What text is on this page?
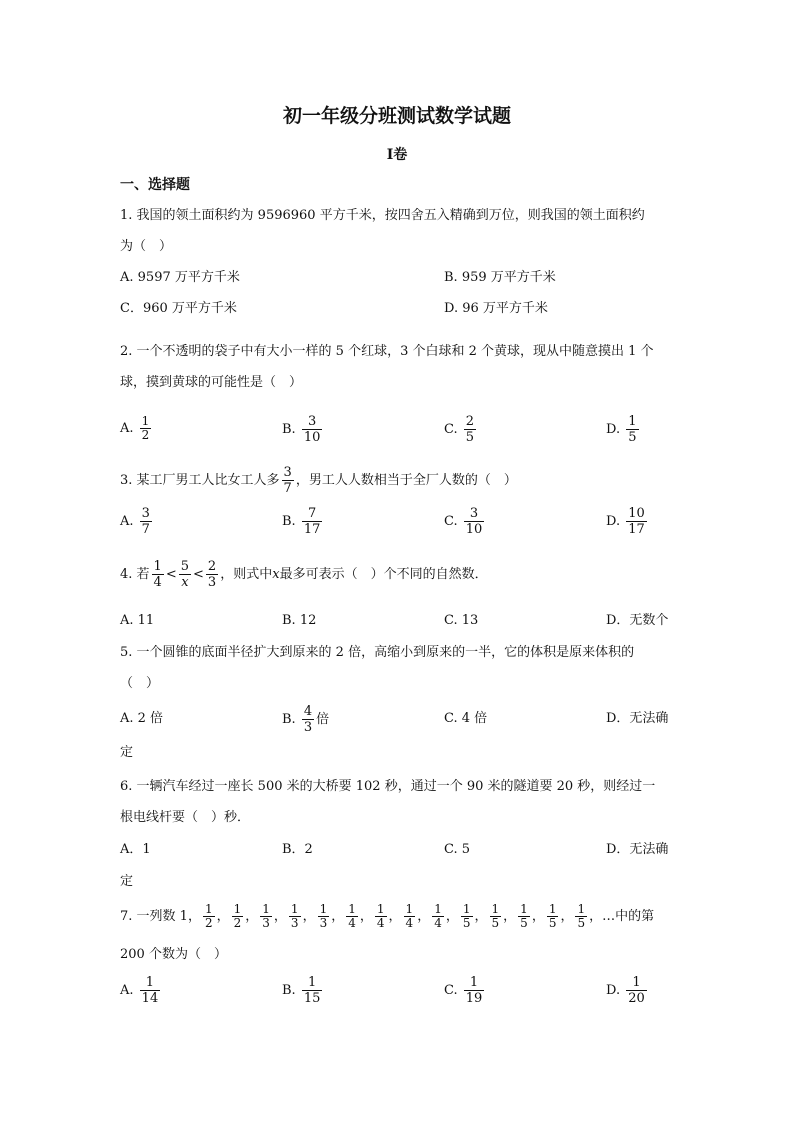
初一年级分班测试数学试题
I卷
一、选择题
1. 我国的领土面积约为 9596960 平方千米，按四舍五入精确到万位，则我国的领土面积约
为（　）
A. 9597 万平方千米	B. 959 万平方千米
C．960 万平方千米	D. 96 万平方千米
2. 一个不透明的袋子中有大小一样的 5 个红球，3 个白球和 2 个黄球，现从中随意摸出 1 个
球，摸到黄球的可能性是（　）
A. $\frac{1}{2}$	B. $\frac{3}{10}$	C. $\frac{2}{5}$	D. $\frac{1}{5}$
3. 某工厂男工人比女工人多 $\frac{3}{7}$ ，男工人人数相当于全厂人数的（　）
A. $\frac{3}{7}$	B. $\frac{7}{17}$	C. $\frac{3}{10}$	D. $\frac{10}{17}$
4. 若 $\frac{1}{4} < \frac{5}{x} < \frac{2}{3}$ ，则式中x最多可表示（　）个不同的自然数．
A. 11	B. 12	C. 13	D．无数个
5. 一个圆锥的底面半径扩大到原来的 2 倍，高缩小到原来的一半，它的体积是原来体积的
（　）
A. 2 倍	B. $\frac{4}{3}$ 倍	C. 4 倍	D．无法确
定
6. 一辆汽车经过一座长 500 米的大桥要 102 秒，通过一个 90 米的隧道要 20 秒，则经过一
根电线杆要（　）秒．
A．1	B．2	C. 5	D．无法确
定
7. 一列数 1， $\frac{1}{2}$ ， $\frac{1}{2}$ ， $\frac{1}{3}$ ， $\frac{1}{3}$ ， $\frac{1}{3}$ ， $\frac{1}{4}$ ， $\frac{1}{4}$ ， $\frac{1}{4}$ ， $\frac{1}{4}$ ， $\frac{1}{5}$ ， $\frac{1}{5}$ ， $\frac{1}{5}$ ， $\frac{1}{5}$ ， $\frac{1}{5}$ ，…中的第
200 个数为（　）
A. $\frac{1}{14}$	B. $\frac{1}{15}$	C. $\frac{1}{19}$	D. $\frac{1}{20}$
